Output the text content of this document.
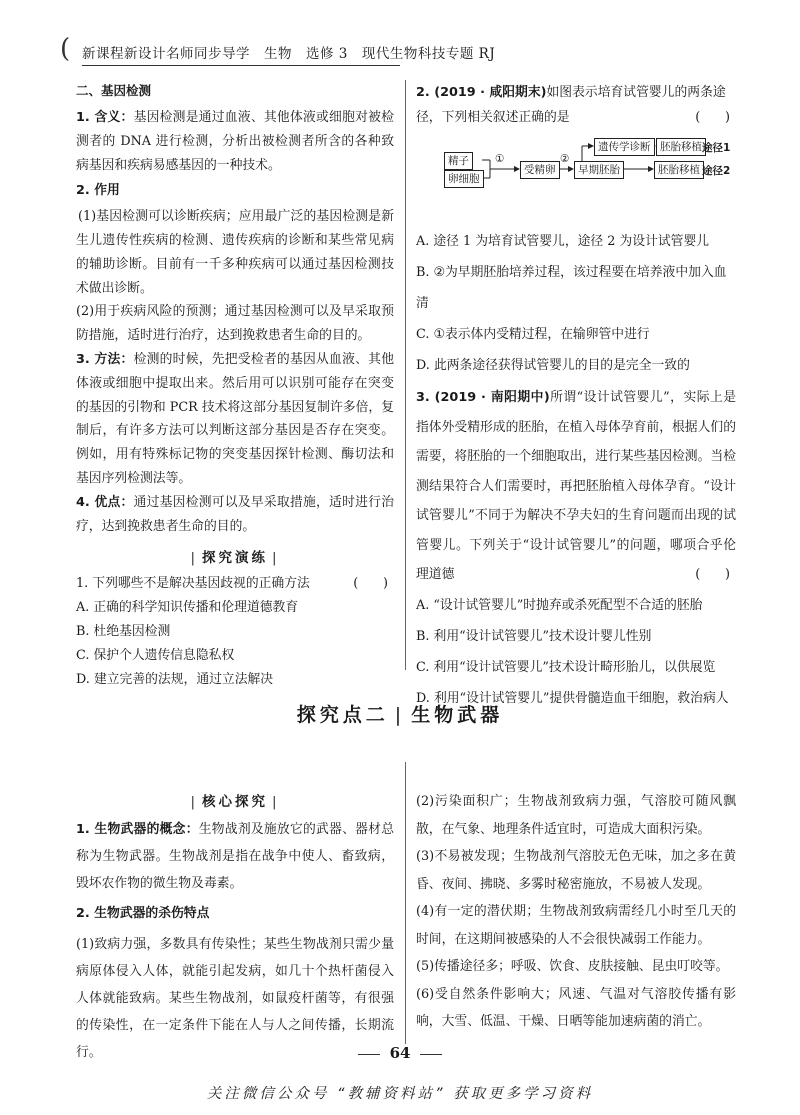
( 新课程新设计名师同步导学　生物　选修 3　现代生物科技专题 RJ

二、基因检测

1. 含义：基因检测是通过血液、其他体液或细胞对被检测者的 DNA 进行检测，分析出被检测者所含的各种致病基因和疾病易感基因的一种技术。

2. 作用

(1)基因检测可以诊断疾病；应用最广泛的基因检测是新生儿遗传性疾病的检测、遗传疾病的诊断和某些常见病的辅助诊断。目前有一千多种疾病可以通过基因检测技术做出诊断。

(2)用于疾病风险的预测；通过基因检测可以及早采取预防措施，适时进行治疗，达到挽救患者生命的目的。

3. 方法：检测的时候，先把受检者的基因从血液、其他体液或细胞中提取出来。然后用可以识别可能存在突变的基因的引物和 PCR 技术将这部分基因复制许多倍，复制后，有许多方法可以判断这部分基因是否存在突变。例如，用有特殊标记物的突变基因探针检测、酶切法和基因序列检测法等。

4. 优点：通过基因检测可以及早采取措施，适时进行治疗，达到挽救患者生命的目的。

| 探究演练 |

1. 下列哪些不是解决基因歧视的正确方法	(　)

A. 正确的科学知识传播和伦理道德教育

B. 杜绝基因检测

C. 保护个人遗传信息隐私权

D. 建立完善的法规，通过立法解决

2. (2019 · 咸阳期末)如图表示培育试管婴儿的两条途径，下列相关叙述正确的是	(　)

精子
卵细胞
①
受精卵
②
早期胚胎
遗传学诊断 胚胎移植
胚胎移植
途径1
途径2

A. 途径 1 为培育试管婴儿，途径 2 为设计试管婴儿

B. ②为早期胚胎培养过程，该过程要在培养液中加入血清

C. ①表示体内受精过程，在输卵管中进行

D. 此两条途径获得试管婴儿的目的是完全一致的

3. (2019 · 南阳期中)所谓“设计试管婴儿”，实际上是指体外受精形成的胚胎，在植入母体孕育前，根据人们的需要，将胚胎的一个细胞取出，进行某些基因检测。当检测结果符合人们需要时，再把胚胎植入母体孕育。“设计试管婴儿”不同于为解决不孕夫妇的生育问题而出现的试管婴儿。下列关于“设计试管婴儿”的问题，哪项合乎伦理道德	(　)

A. “设计试管婴儿”时抛弃或杀死配型不合适的胚胎

B. 利用“设计试管婴儿”技术设计婴儿性别

C. 利用“设计试管婴儿”技术设计畸形胎儿，以供展览

D. 利用“设计试管婴儿”提供骨髓造血干细胞，救治病人

探究点二 | 生物武器
| 核心探究 |

1. 生物武器的概念：生物战剂及施放它的武器、器材总称为生物武器。生物战剂是指在战争中使人、畜致病，毁坏农作物的微生物及毒素。

2. 生物武器的杀伤特点

(1)致病力强，多数具有传染性；某些生物战剂只需少量病原体侵入人体，就能引起发病，如几十个热杆菌侵入人体就能致病。某些生物战剂，如鼠疫杆菌等，有很强的传染性，在一定条件下能在人与人之间传播，长期流行。

(2)污染面积广；生物战剂致病力强，气溶胶可随风飘散，在气象、地理条件适宜时，可造成大面积污染。

(3)不易被发现；生物战剂气溶胶无色无味，加之多在黄昏、夜间、拂晓、多雾时秘密施放，不易被人发现。

(4)有一定的潜伏期；生物战剂致病需经几小时至几天的时间，在这期间被感染的人不会很快减弱工作能力。

(5)传播途径多；呼吸、饮食、皮肤接触、昆虫叮咬等。

(6)受自然条件影响大；风速、气温对气溶胶传播有影响，大雪、低温、干燥、日晒等能加速病菌的消亡。

64
关注微信公众号 “教辅资料站” 获取更多学习资料
